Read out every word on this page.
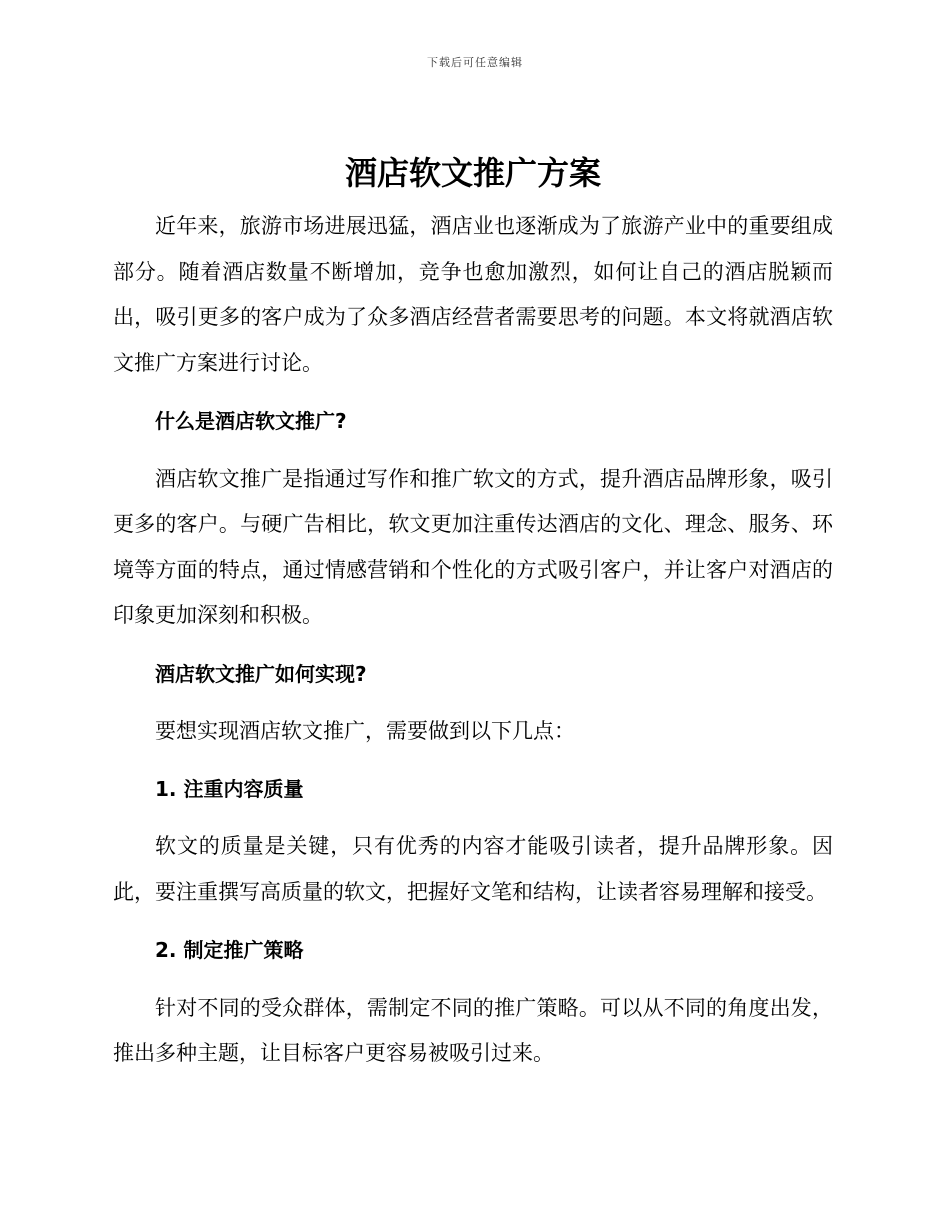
下载后可任意编辑
酒店软文推广方案

近年来，旅游市场进展迅猛，酒店业也逐渐成为了旅游产业中的重要组成部分。随着酒店数量不断增加，竞争也愈加激烈，如何让自己的酒店脱颖而出，吸引更多的客户成为了众多酒店经营者需要思考的问题。本文将就酒店软文推广方案进行讨论。

什么是酒店软文推广?

酒店软文推广是指通过写作和推广软文的方式，提升酒店品牌形象，吸引更多的客户。与硬广告相比，软文更加注重传达酒店的文化、理念、服务、环境等方面的特点，通过情感营销和个性化的方式吸引客户，并让客户对酒店的印象更加深刻和积极。

酒店软文推广如何实现?

要想实现酒店软文推广，需要做到以下几点：

1. 注重内容质量

软文的质量是关键，只有优秀的内容才能吸引读者，提升品牌形象。因此，要注重撰写高质量的软文，把握好文笔和结构，让读者容易理解和接受。

2. 制定推广策略

针对不同的受众群体，需制定不同的推广策略。可以从不同的角度出发，推出多种主题，让目标客户更容易被吸引过来。
